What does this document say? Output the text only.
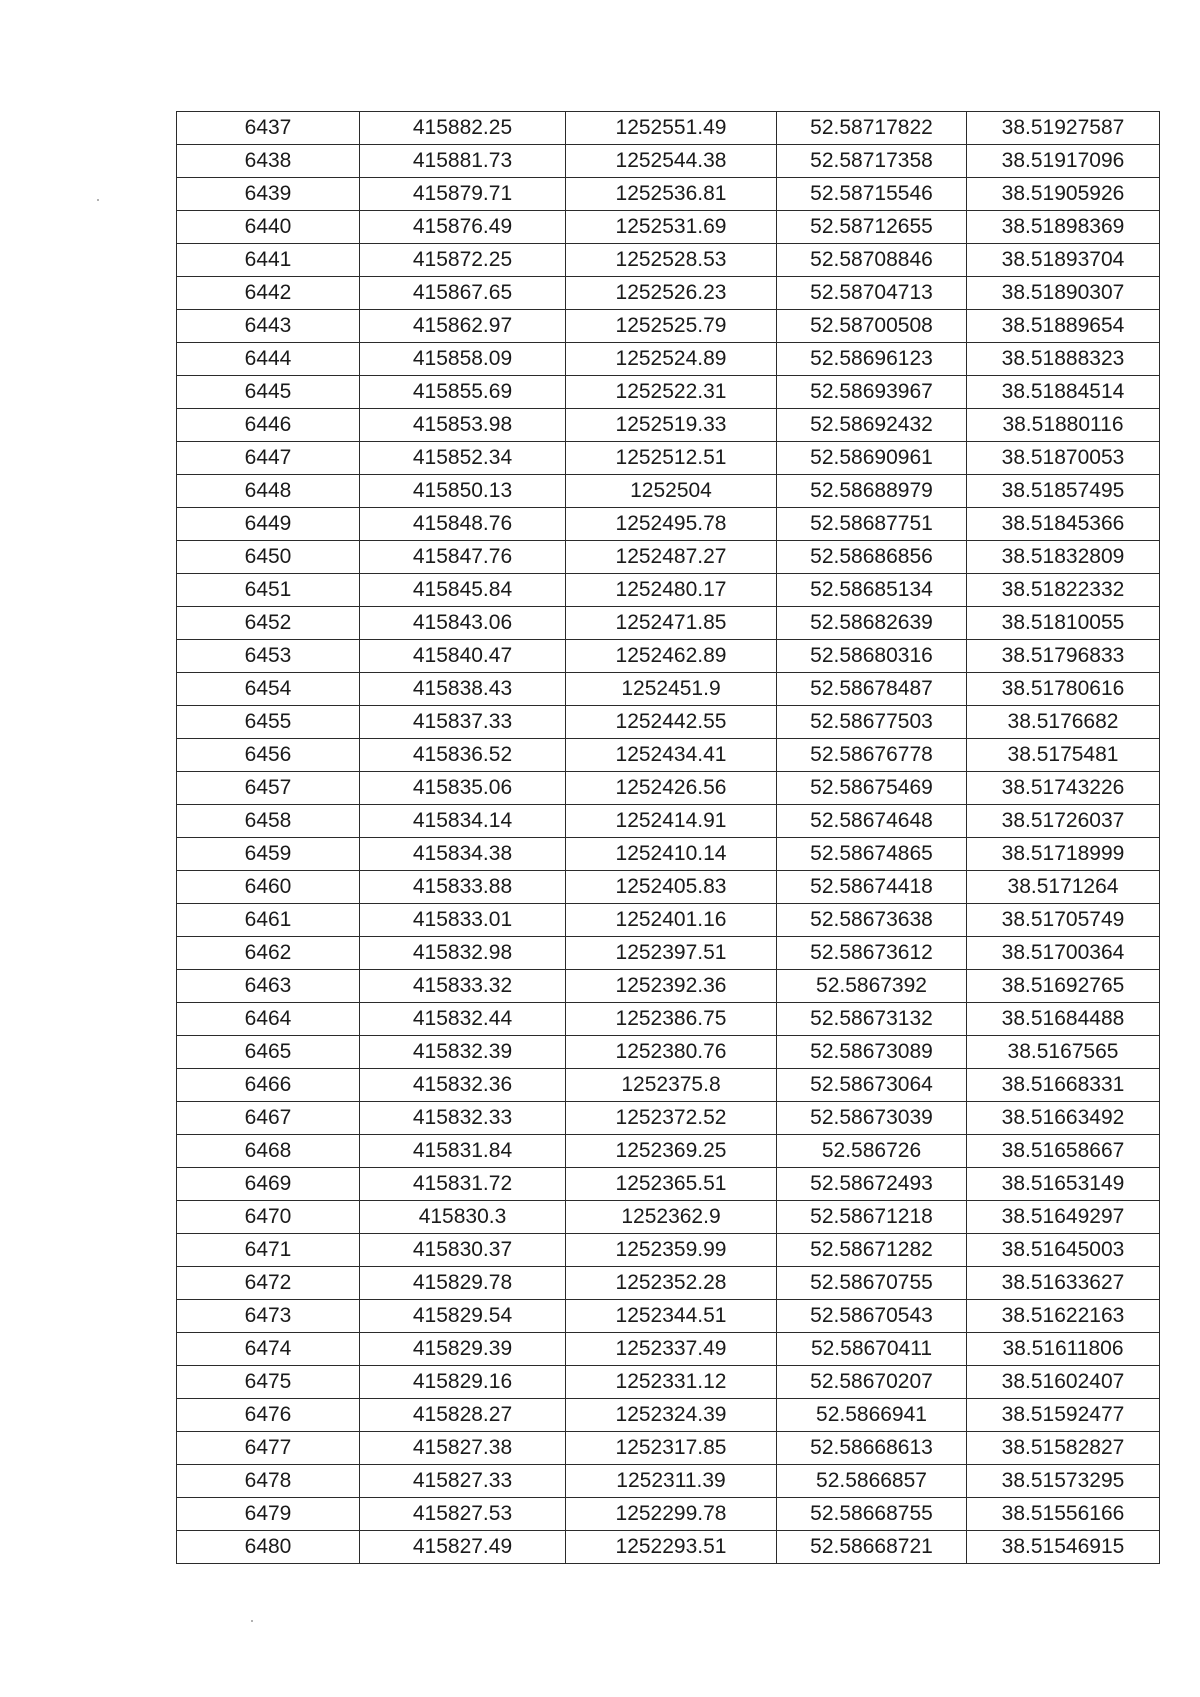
6437	415882.25	1252551.49	52.58717822	38.51927587
6438	415881.73	1252544.38	52.58717358	38.51917096
6439	415879.71	1252536.81	52.58715546	38.51905926
6440	415876.49	1252531.69	52.58712655	38.51898369
6441	415872.25	1252528.53	52.58708846	38.51893704
6442	415867.65	1252526.23	52.58704713	38.51890307
6443	415862.97	1252525.79	52.58700508	38.51889654
6444	415858.09	1252524.89	52.58696123	38.51888323
6445	415855.69	1252522.31	52.58693967	38.51884514
6446	415853.98	1252519.33	52.58692432	38.51880116
6447	415852.34	1252512.51	52.58690961	38.51870053
6448	415850.13	1252504	52.58688979	38.51857495
6449	415848.76	1252495.78	52.58687751	38.51845366
6450	415847.76	1252487.27	52.58686856	38.51832809
6451	415845.84	1252480.17	52.58685134	38.51822332
6452	415843.06	1252471.85	52.58682639	38.51810055
6453	415840.47	1252462.89	52.58680316	38.51796833
6454	415838.43	1252451.9	52.58678487	38.51780616
6455	415837.33	1252442.55	52.58677503	38.5176682
6456	415836.52	1252434.41	52.58676778	38.5175481
6457	415835.06	1252426.56	52.58675469	38.51743226
6458	415834.14	1252414.91	52.58674648	38.51726037
6459	415834.38	1252410.14	52.58674865	38.51718999
6460	415833.88	1252405.83	52.58674418	38.5171264
6461	415833.01	1252401.16	52.58673638	38.51705749
6462	415832.98	1252397.51	52.58673612	38.51700364
6463	415833.32	1252392.36	52.5867392	38.51692765
6464	415832.44	1252386.75	52.58673132	38.51684488
6465	415832.39	1252380.76	52.58673089	38.5167565
6466	415832.36	1252375.8	52.58673064	38.51668331
6467	415832.33	1252372.52	52.58673039	38.51663492
6468	415831.84	1252369.25	52.586726	38.51658667
6469	415831.72	1252365.51	52.58672493	38.51653149
6470	415830.3	1252362.9	52.58671218	38.51649297
6471	415830.37	1252359.99	52.58671282	38.51645003
6472	415829.78	1252352.28	52.58670755	38.51633627
6473	415829.54	1252344.51	52.58670543	38.51622163
6474	415829.39	1252337.49	52.58670411	38.51611806
6475	415829.16	1252331.12	52.58670207	38.51602407
6476	415828.27	1252324.39	52.5866941	38.51592477
6477	415827.38	1252317.85	52.58668613	38.51582827
6478	415827.33	1252311.39	52.5866857	38.51573295
6479	415827.53	1252299.78	52.58668755	38.51556166
6480	415827.49	1252293.51	52.58668721	38.51546915
